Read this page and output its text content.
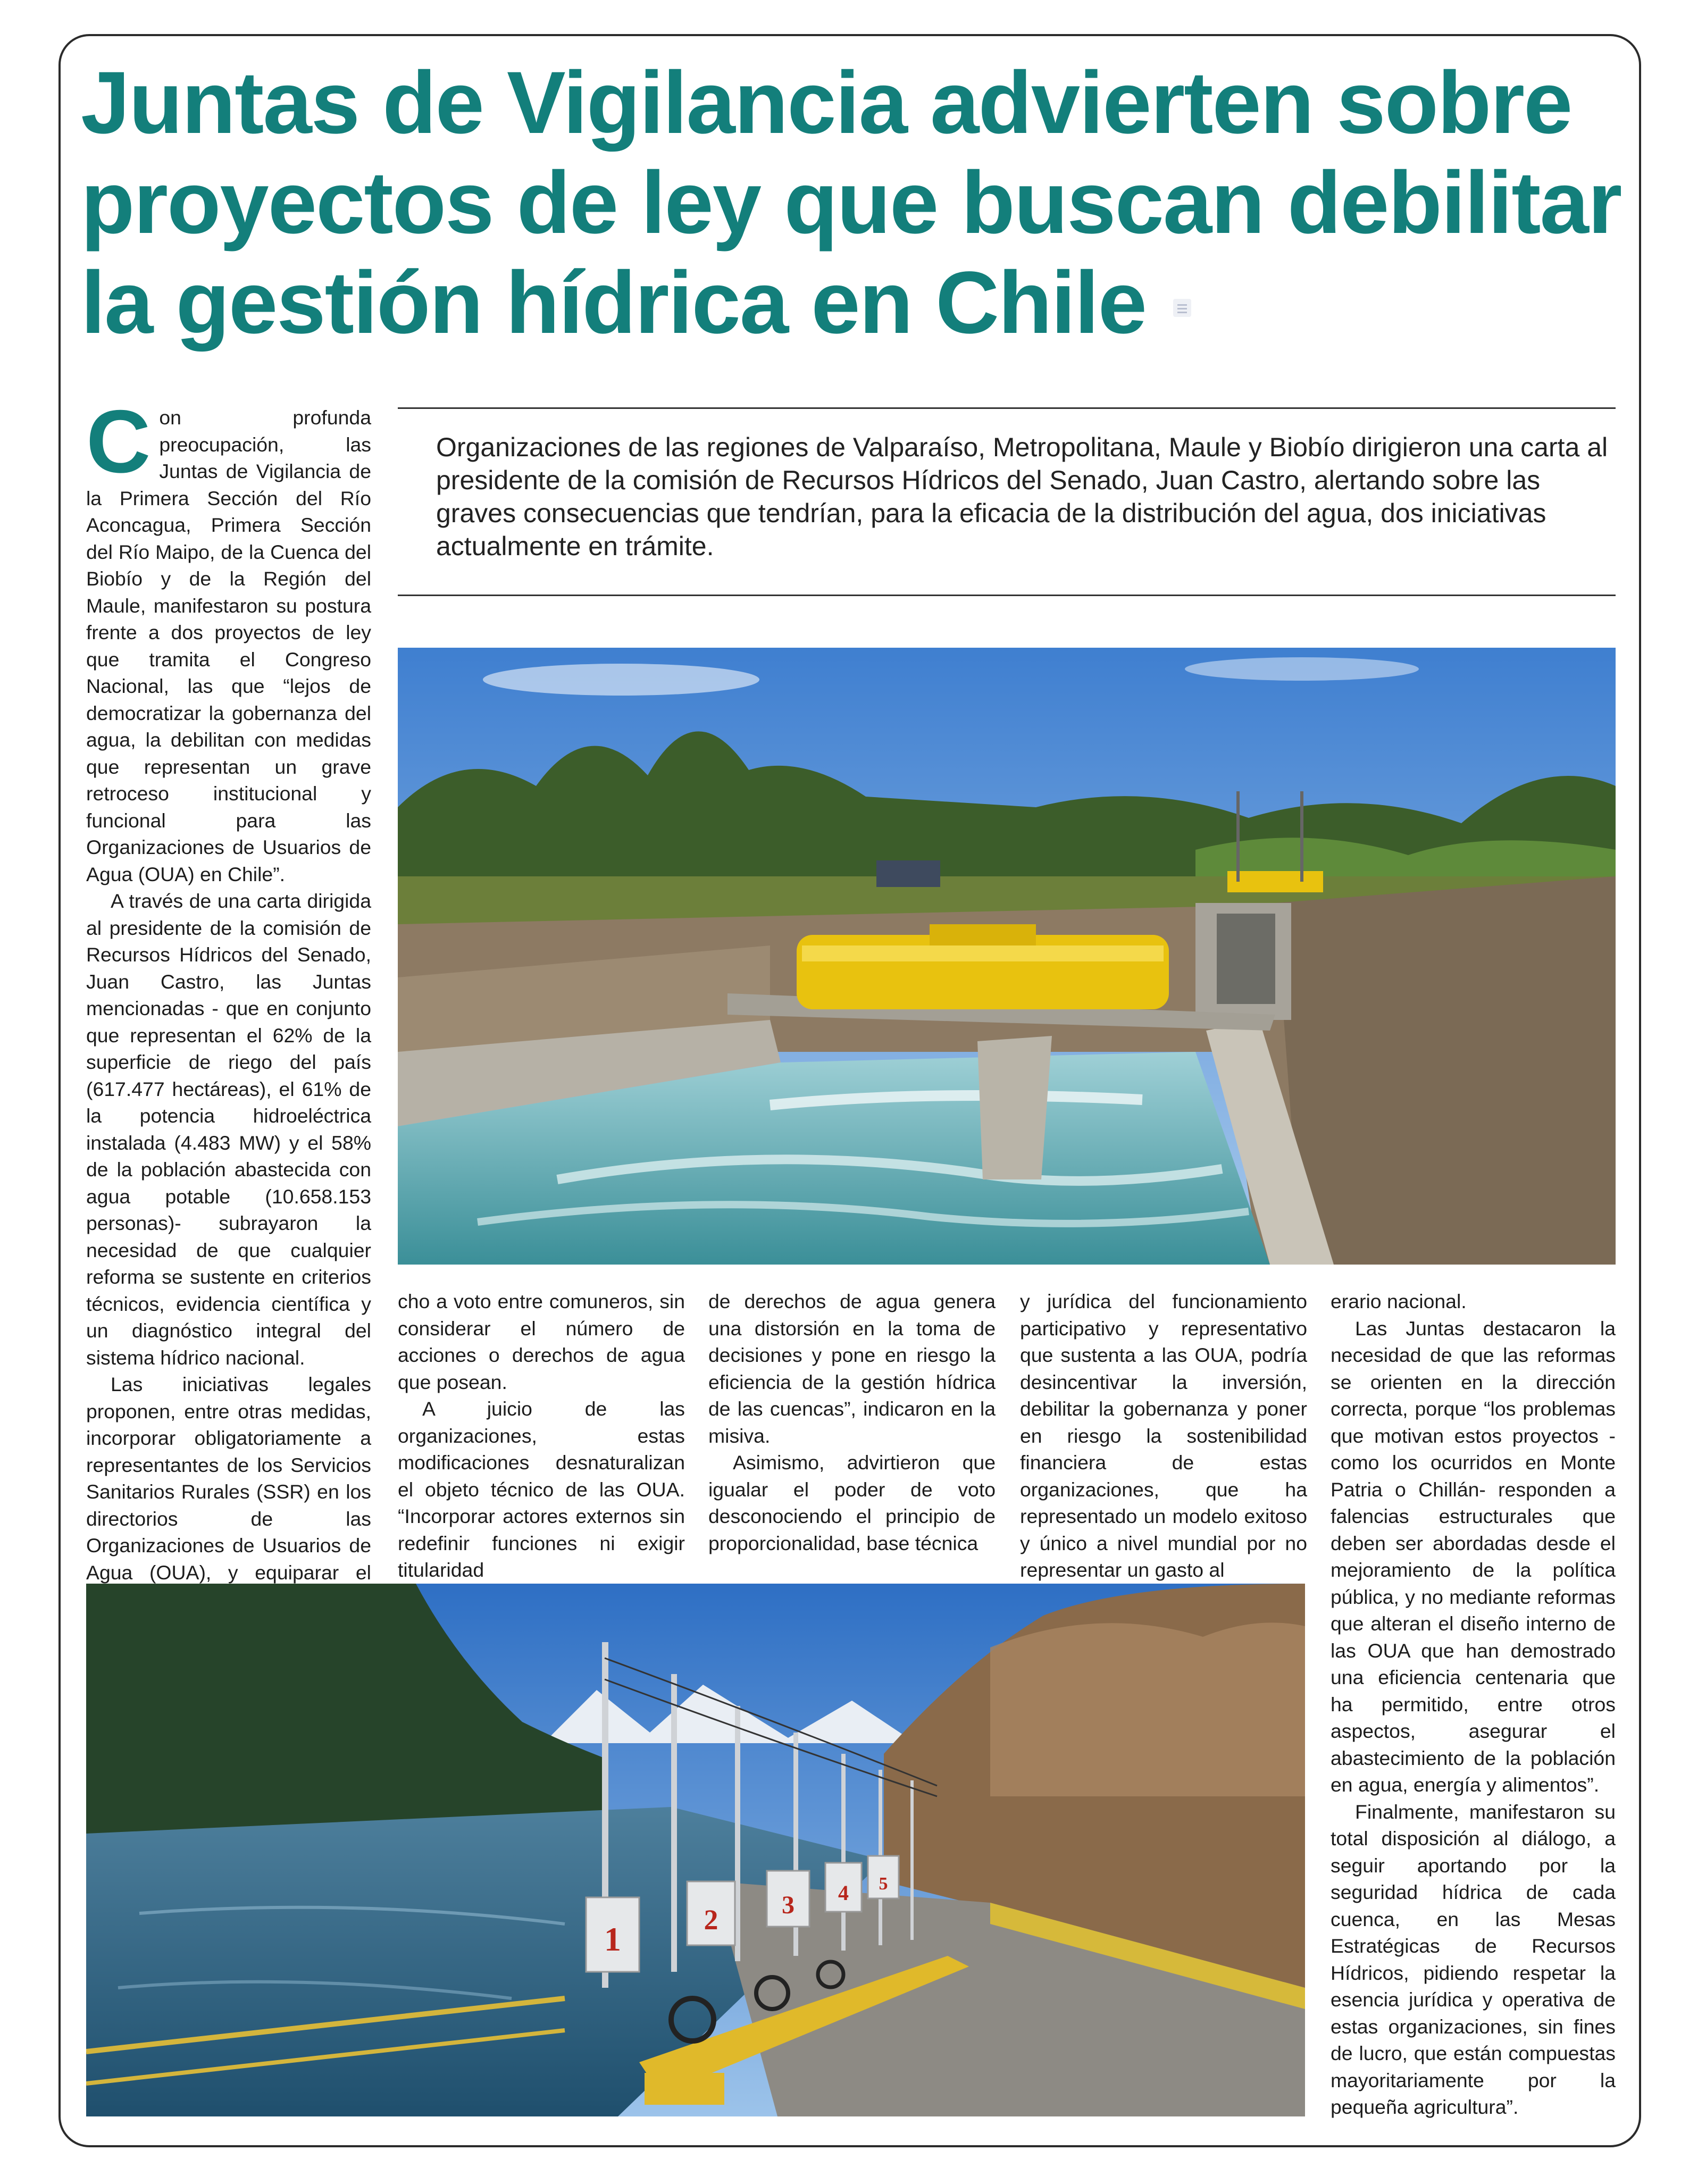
Juntas de Vigilancia advierten sobre
proyectos de ley que buscan debilitar
la gestión hídrica en Chile

Organizaciones de las regiones de Valparaíso, Metropolitana, Maule y Biobío dirigieron una carta al presidente de la comisión de Recursos Hídricos del Senado, Juan Castro, alertando sobre las graves consecuencias que tendrían, para la eficacia de la distribución del agua, dos iniciativas actualmente en trámite.

Con profunda preocupación, las Juntas de Vigilancia de la Primera Sección del Río Aconcagua, Primera Sección del Río Maipo, de la Cuenca del Biobío y de la Región del Maule, manifestaron su postura frente a dos proyectos de ley que tramita el Congreso Nacional, las que “lejos de democratizar la gobernanza del agua, la debilitan con medidas que representan un grave retroceso institucional y funcional para las Organizaciones de Usuarios de Agua (OUA) en Chile”.

A través de una carta dirigida al presidente de la comisión de Recursos Hídricos del Senado, Juan Castro, las Juntas mencionadas - que en conjunto que representan el 62% de la superficie de riego del país (617.477 hectáreas), el 61% de la potencia hidroeléctrica instalada (4.483 MW) y el 58% de la población abastecida con agua potable (10.658.153 personas)- subrayaron la necesidad de que cualquier reforma se sustente en criterios técnicos, evidencia científica y un diagnóstico integral del sistema hídrico nacional.

Las iniciativas legales proponen, entre otras medidas, incorporar obligatoriamente a representantes de los Servicios Sanitarios Rurales (SSR) en los directorios de las Organizaciones de Usuarios de Agua (OUA), y equiparar el

cho a voto entre comuneros, sin considerar el número de acciones o derechos de agua que posean.

A juicio de las organizaciones, estas modificaciones desnaturalizan el objeto técnico de las OUA. “Incorporar actores externos sin redefinir funciones ni exigir titularidad

de derechos de agua genera una distorsión en la toma de decisiones y pone en riesgo la eficiencia de la gestión hídrica de las cuencas”, indicaron en la misiva.

Asimismo, advirtieron que igualar el poder de voto desconociendo el principio de proporcionalidad, base técnica

y jurídica del funcionamiento participativo y representativo que sustenta a las OUA, podría desincentivar la inversión, debilitar la gobernanza y poner en riesgo la sostenibilidad financiera de estas organizaciones, que ha representado un modelo exitoso y único a nivel mundial por no representar un gasto al

erario nacional.

Las Juntas destacaron la necesidad de que las reformas se orienten en la dirección correcta, porque “los problemas que motivan estos proyectos -como los ocurridos en Monte Patria o Chillán- responden a falencias estructurales que deben ser abordadas desde el mejoramiento de la política pública, y no mediante reformas que alteran el diseño interno de las OUA que han demostrado una eficiencia centenaria que ha permitido, entre otros aspectos, asegurar el abastecimiento de la población en agua, energía y alimentos”.

Finalmente, manifestaron su total disposición al diálogo, a seguir aportando por la seguridad hídrica de cada cuenca, en las Mesas Estratégicas de Recursos Hídricos, pidiendo respetar la esencia jurídica y operativa de estas organizaciones, sin fines de lucro, que están compuestas mayoritariamente por la pequeña agricultura”.

1
2 3 4 5
